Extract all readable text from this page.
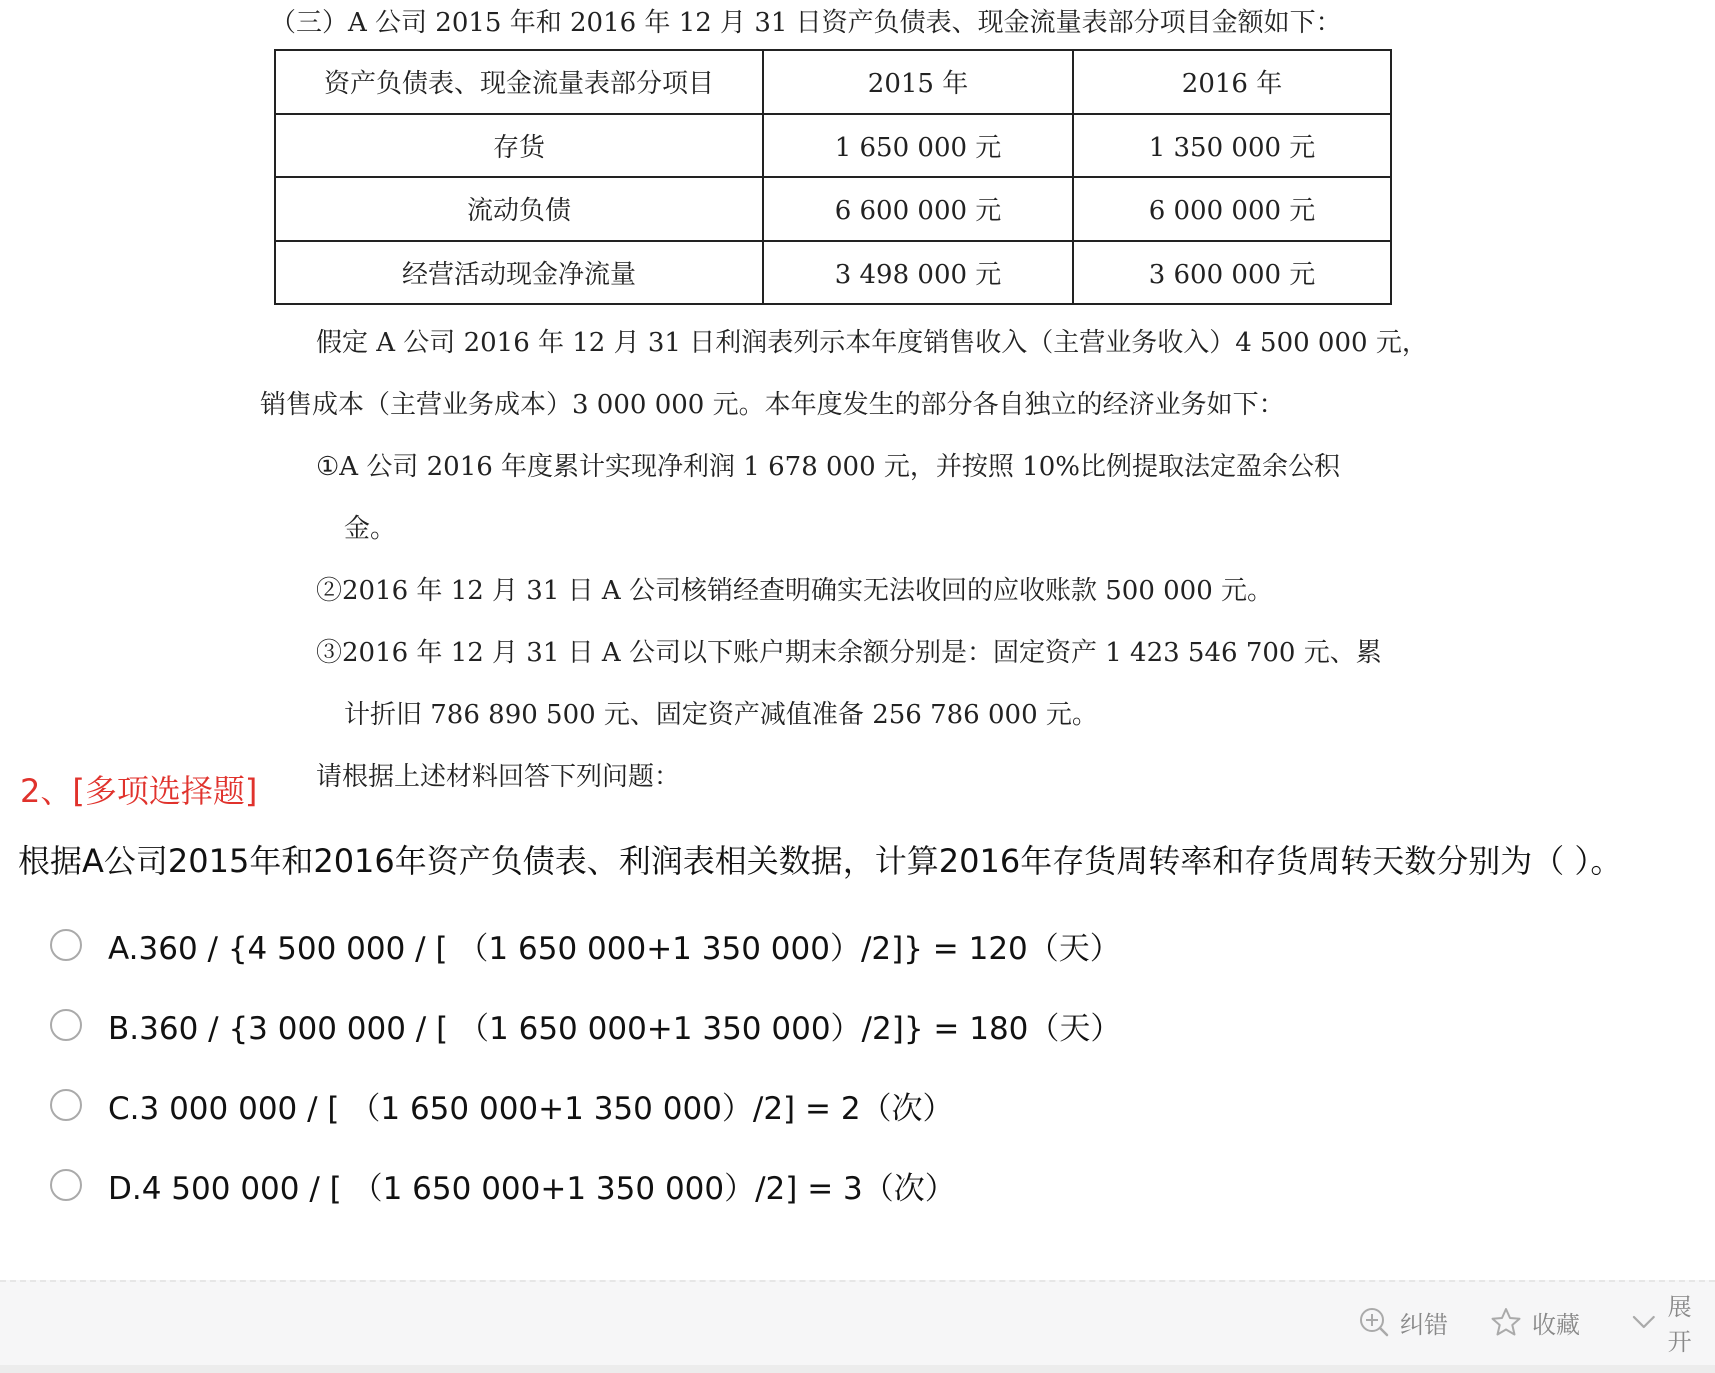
（三）A 公司 2015 年和 2016 年 12 月 31 日资产负债表、现金流量表部分项目金额如下：
资产负债表、现金流量表部分项目	2015 年	2016 年
存货	1 650 000 元	1 350 000 元
流动负债	6 600 000 元	6 000 000 元
经营活动现金净流量	3 498 000 元	3 600 000 元
假定 A 公司 2016 年 12 月 31 日利润表列示本年度销售收入（主营业务收入）4 500 000 元，
销售成本（主营业务成本）3 000 000 元。本年度发生的部分各自独立的经济业务如下：
①A 公司 2016 年度累计实现净利润 1 678 000 元，并按照 10%比例提取法定盈余公积
金。
②2016 年 12 月 31 日 A 公司核销经查明确实无法收回的应收账款 500 000 元。
③2016 年 12 月 31 日 A 公司以下账户期末余额分别是：固定资产 1 423 546 700 元、累
计折旧 786 890 500 元、固定资产减值准备 256 786 000 元。
请根据上述材料回答下列问题：
2、[多项选择题]
根据A公司2015年和2016年资产负债表、利润表相关数据，计算2016年存货周转率和存货周转天数分别为（ ）。
A.360 / {4 500 000 / [ （1 650 000+1 350 000）/2]} = 120（天）
B.360 / {3 000 000 / [ （1 650 000+1 350 000）/2]} = 180（天）
C.3 000 000 / [ （1 650 000+1 350 000）/2] = 2（次）
D.4 500 000 / [ （1 650 000+1 350 000）/2] = 3（次）
纠错	收藏
展开
